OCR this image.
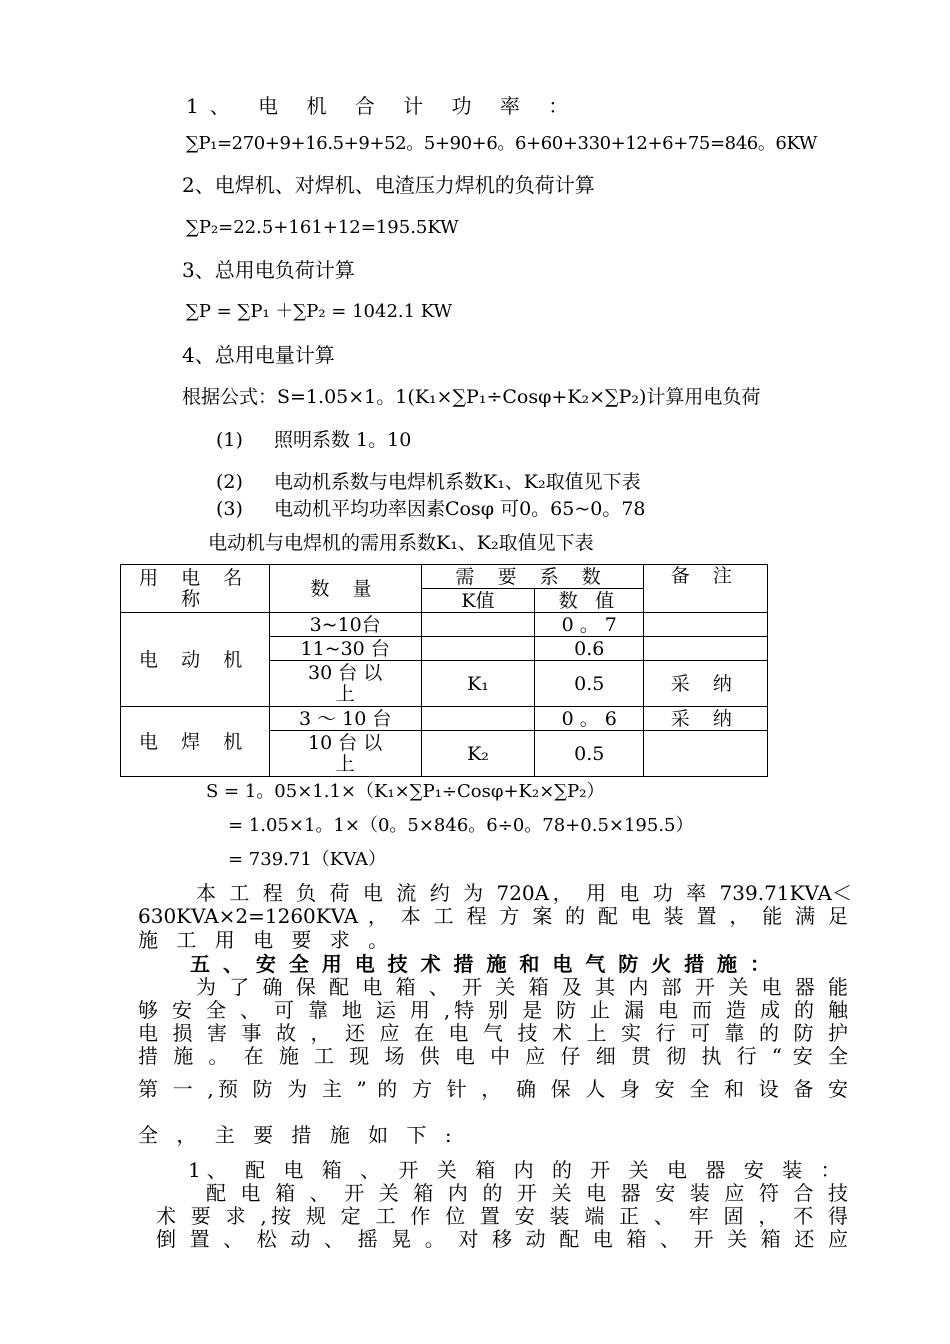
1、 电 机 合 计 功 率 ：
∑P₁=270+9+16.5+9+52。5+90+6。6+60+330+12+6+75=846。6KW
2、电焊机、对焊机、电渣压力焊机的负荷计算
∑P₂=22.5+161+12=195.5KW
3、总用电负荷计算
∑P = ∑P₁ ＋∑P₂ = 1042.1 KW
4、总用电量计算
根据公式：S=1.05×1。1(K₁×∑P₁÷Cosφ+K₂×∑P₂)计算用电负荷
(1) 照明系数 1。10
(2) 电动机系数与电焊机系数K₁、K₂取值见下表
(3) 电动机平均功率因素Cosφ 可0。65~0。78
电动机与电焊机的需用系数K₁、K₂取值见下表
用 电 名 称	数 量	需 要 系 数		备 注
		K值	数 值	
电 动 机	3~10台		0 。 7	
	11~30 台		0.6	
	30 台 以 上	K₁	0.5	采 纳
电 焊 机	3 ～ 10 台		0 。 6	采 纳
	10 台 以 上	K₂	0.5	
S = 1。05×1.1×（K₁×∑P₁÷Cosφ+K₂×∑P₂）
= 1.05×1。1×（0。5×846。6÷0。78+0.5×195.5）
= 739.71（KVA）
本 工 程 负 荷 电 流 约 为 720A， 用 电 功 率 739.71KVA＜
630KVA×2=1260KVA ， 本 工 程 方 案 的 配 电 装 置 ， 能 满 足
施 工 用 电 要 求 。
五 、 安 全 用 电 技 术 措 施 和 电 气 防 火 措 施 ：
为 了 确 保 配 电 箱 、 开 关 箱 及 其 内 部 开 关 电 器 能
够 安 全 、 可 靠 地 运 用 ,特 别 是 防 止 漏 电 而 造 成 的 触
电 损 害 事 故 ， 还 应 在 电 气 技 术 上 实 行 可 靠 的 防 护
措 施 。 在 施 工 现 场 供 电 中 应 仔 细 贯 彻 执 行 “ 安 全
第 一 ,预 防 为 主 ” 的 方 针 ， 确 保 人 身 安 全 和 设 备 安
全 ， 主 要 措 施 如 下 :
1、 配 电 箱 、 开 关 箱 内 的 开 关 电 器 安 装 ：
配 电 箱 、 开 关 箱 内 的 开 关 电 器 安 装 应 符 合 技
术 要 求 ,按 规 定 工 作 位 置 安 装 端 正 、 牢 固 ， 不 得
倒 置 、 松 动 、 摇 晃 。 对 移 动 配 电 箱 、 开 关 箱 还 应
